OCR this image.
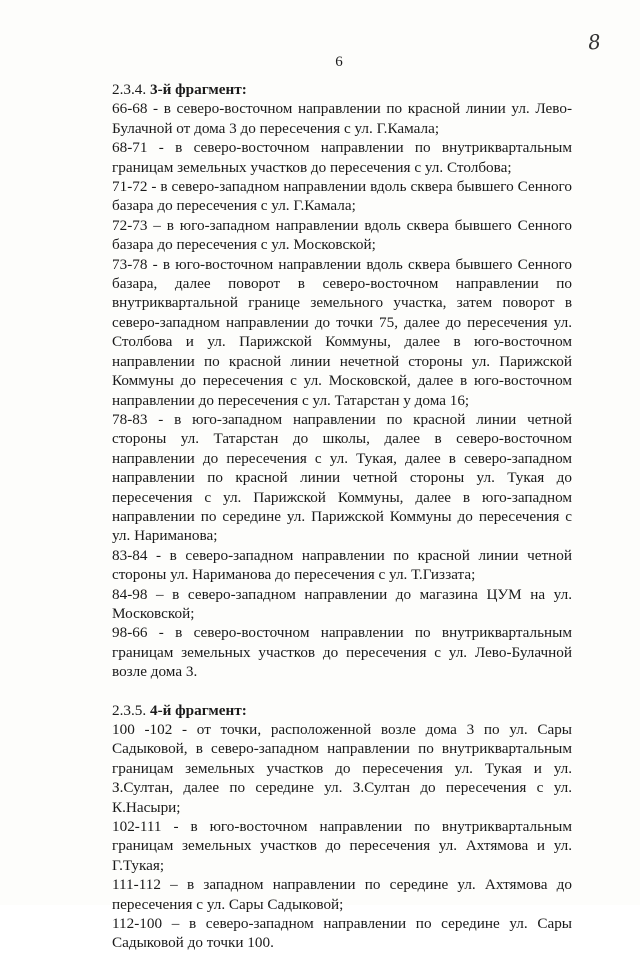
8
6

2.3.4. 3-й фрагмент:

66-68 - в северо-восточном направлении по красной линии ул. Лево-Булачной от дома 3 до пересечения с ул. Г.Камала;

68-71 - в северо-восточном направлении по внутриквартальным границам земельных участков до пересечения с ул. Столбова;

71-72 - в северо-западном направлении вдоль сквера бывшего Сенного базара до пересечения с ул. Г.Камала;

72-73 – в юго-западном направлении вдоль сквера бывшего Сенного базара до пересечения с ул. Московской;

73-78 - в юго-восточном направлении вдоль сквера бывшего Сенного базара, далее поворот в северо-восточном направлении по внутриквартальной границе земельного участка, затем поворот в северо-западном направлении до точки 75, далее до пересечения ул. Столбова и ул. Парижской Коммуны, далее в юго-восточном направлении по красной линии нечетной стороны ул. Парижской Коммуны до пересечения с ул. Московской, далее в юго-восточном направлении до пересечения с ул. Татарстан у дома 16;

78-83 - в юго-западном направлении по красной линии четной стороны ул. Татарстан до школы, далее в северо-восточном направлении до пересечения с ул. Тукая, далее в северо-западном направлении по красной линии четной стороны ул. Тукая до пересечения с ул. Парижской Коммуны, далее в юго-западном направлении по середине ул. Парижской Коммуны до пересечения с ул. Нариманова;

83-84 - в северо-западном направлении по красной линии четной стороны ул. Нариманова до пересечения с ул. Т.Гиззата;

84-98 – в северо-западном направлении до магазина ЦУМ на ул. Московской;

98-66 - в северо-восточном направлении по внутриквартальным границам земельных участков до пересечения с ул. Лево-Булачной возле дома 3.

2.3.5. 4-й фрагмент:

100 -102 - от точки, расположенной возле дома 3 по ул. Сары Садыковой, в северо-западном направлении по внутриквартальным границам земельных участков до пересечения ул. Тукая и ул. З.Султан, далее по середине ул. З.Султан до пересечения с ул. К.Насыри;

102-111 - в юго-восточном направлении по внутриквартальным границам земельных участков до пересечения ул. Ахтямова и ул. Г.Тукая;

111-112 – в западном направлении по середине ул. Ахтямова до пересечения с ул. Сары Садыковой;

112-100 – в северо-западном направлении по середине ул. Сары Садыковой до точки 100.
